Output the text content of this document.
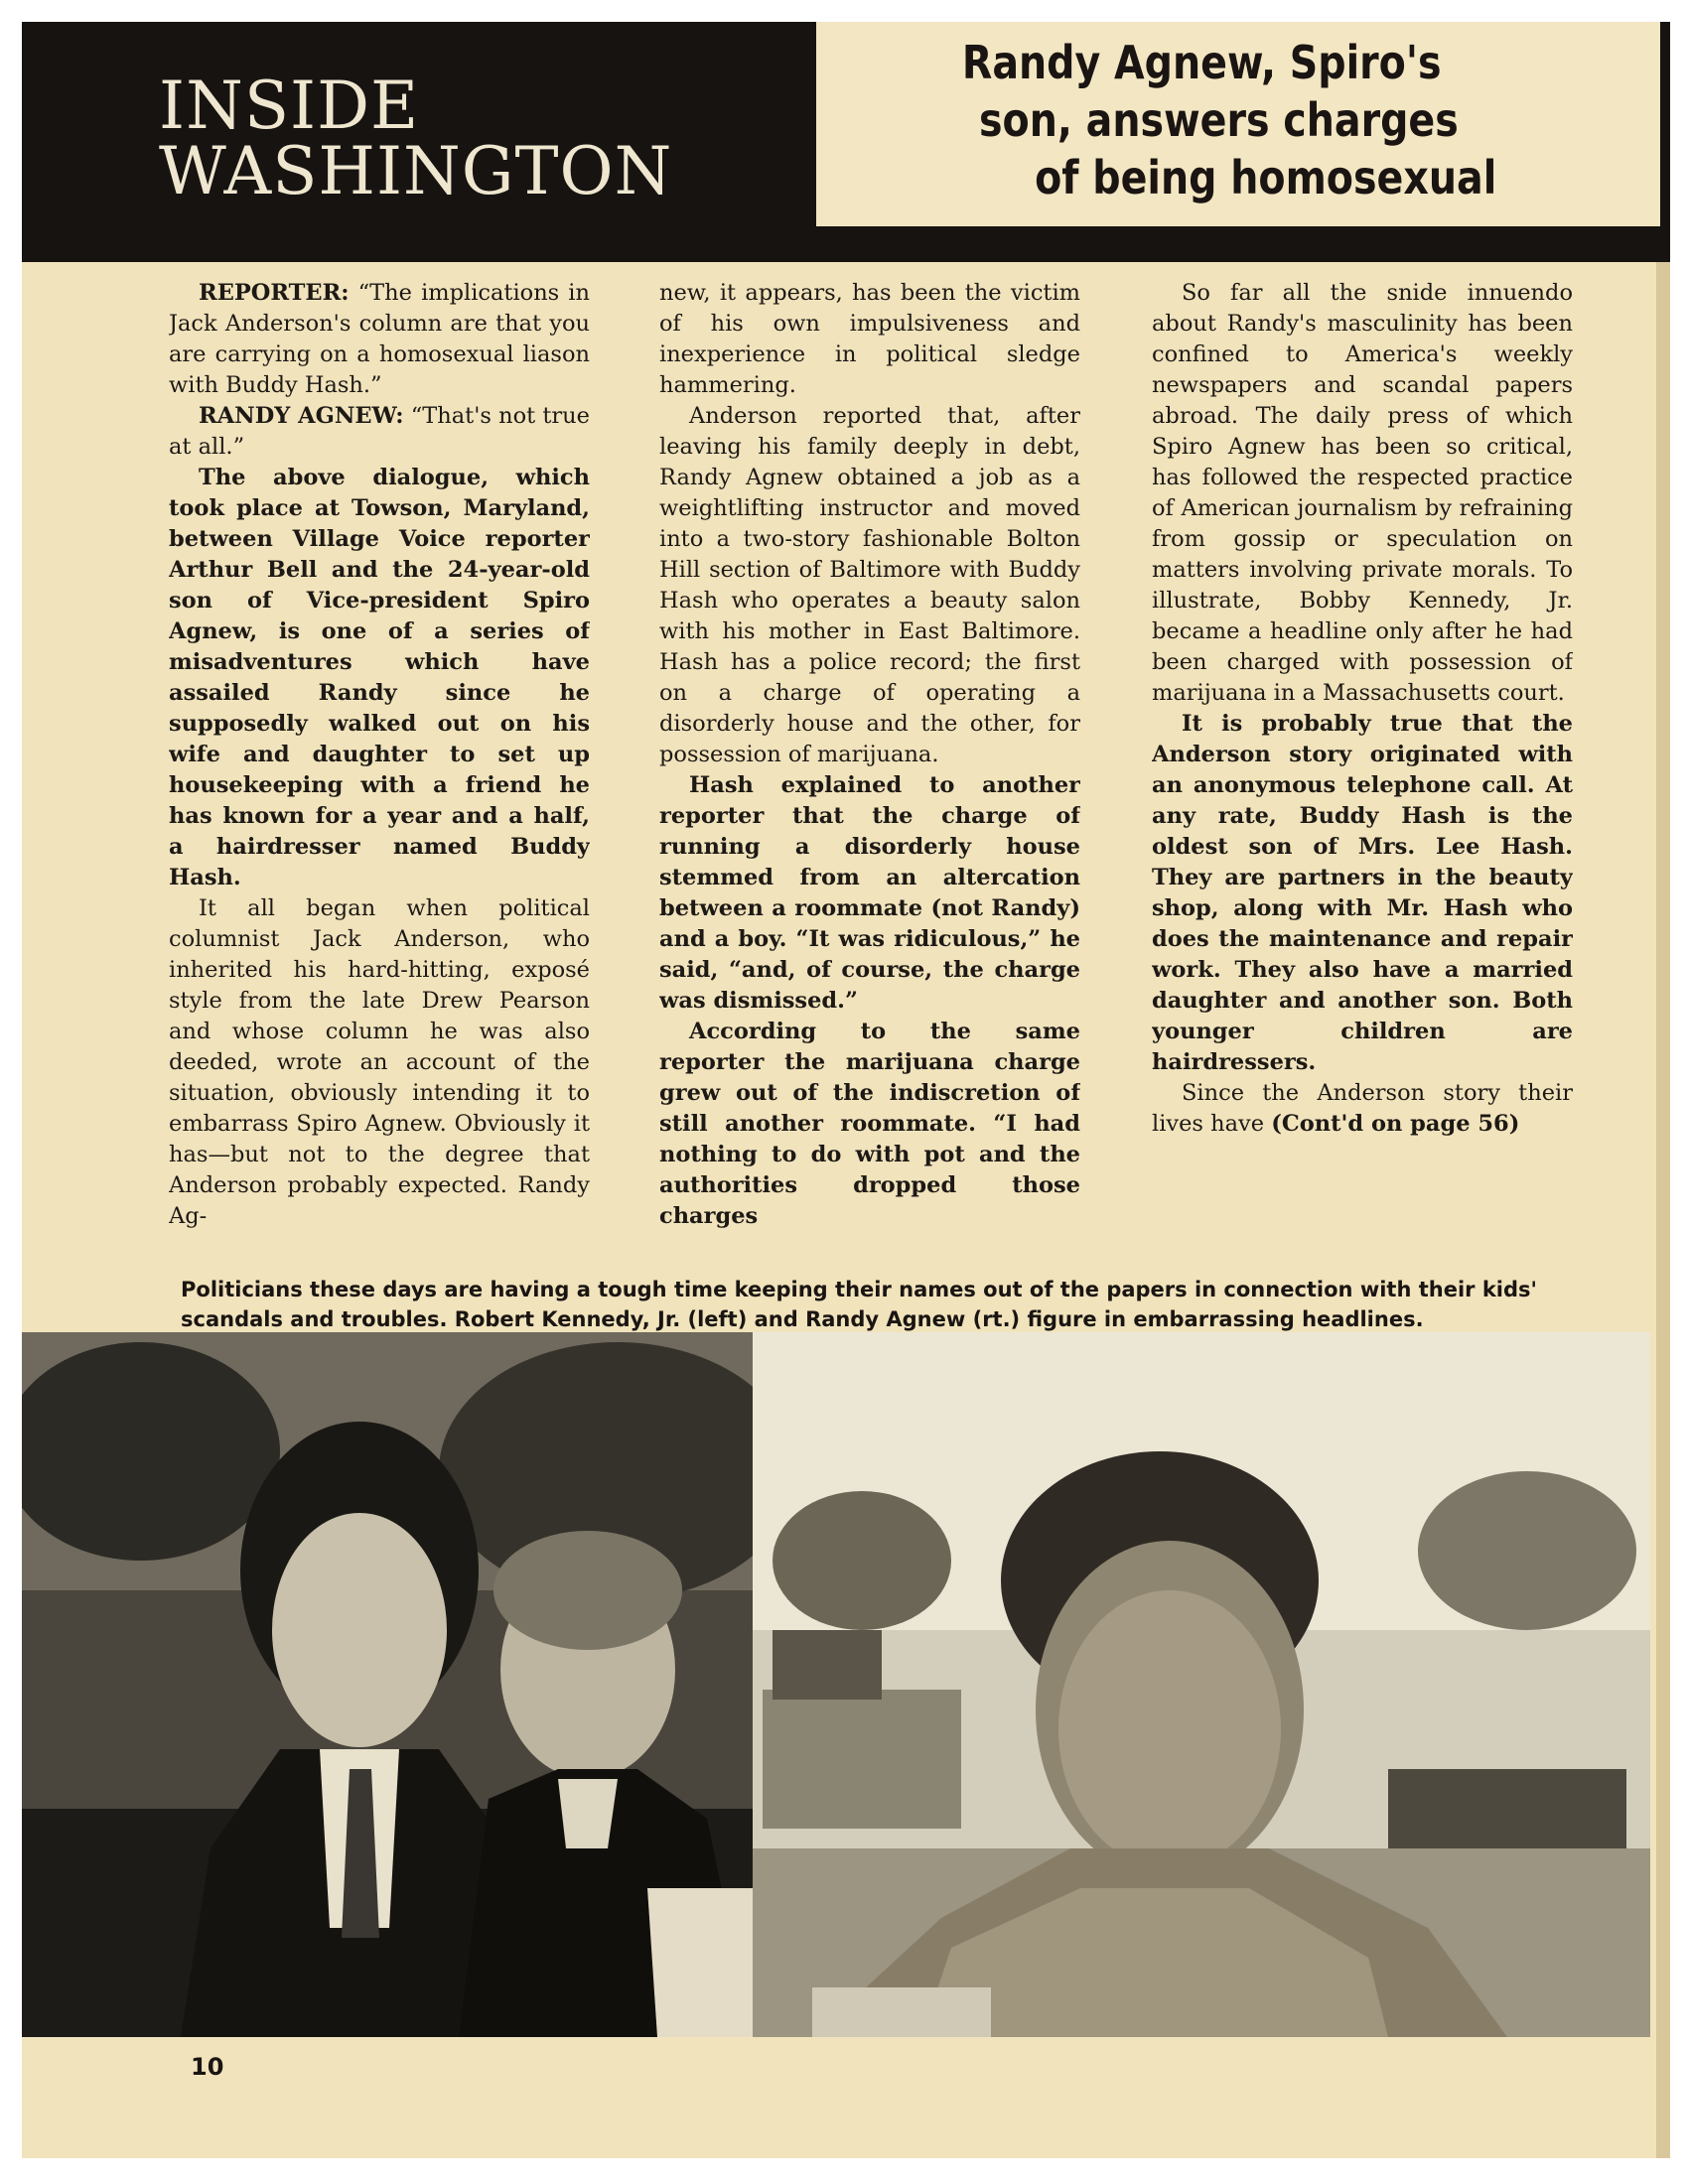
INSIDE
WASHINGTON
Randy Agnew, Spiro's
son, answers charges
of being homosexual

REPORTER: “The implications in Jack Anderson's column are that you are carrying on a homosexual liason with Buddy Hash.”

RANDY AGNEW: “That's not true at all.”

The above dialogue, which took place at Towson, Maryland, between Village Voice reporter Arthur Bell and the 24-year-old son of Vice-president Spiro Agnew, is one of a series of misadventures which have assailed Randy since he supposedly walked out on his wife and daughter to set up housekeeping with a friend he has known for a year and a half, a hairdresser named Buddy Hash.

It all began when political columnist Jack Anderson, who inherited his hard-hitting, exposé style from the late Drew Pearson and whose column he was also deeded, wrote an account of the situation, obviously intending it to embarrass Spiro Agnew. Obviously it has—but not to the degree that Anderson probably expected. Randy Ag-

new, it appears, has been the victim of his own impulsiveness and inexperience in political sledge hammering.

Anderson reported that, after leaving his family deeply in debt, Randy Agnew obtained a job as a weightlifting instructor and moved into a two-story fashionable Bolton Hill section of Baltimore with Buddy Hash who operates a beauty salon with his mother in East Baltimore. Hash has a police record; the first on a charge of operating a disorderly house and the other, for possession of marijuana.

Hash explained to another reporter that the charge of running a disorderly house stemmed from an altercation between a roommate (not Randy) and a boy. “It was ridiculous,” he said, “and, of course, the charge was dismissed.”

According to the same reporter the marijuana charge grew out of the indiscretion of still another roommate. “I had nothing to do with pot and the authorities dropped those charges

So far all the snide innuendo about Randy's masculinity has been confined to America's weekly newspapers and scandal papers abroad. The daily press of which Spiro Agnew has been so critical, has followed the respected practice of American journalism by refraining from gossip or speculation on matters involving private morals. To illustrate, Bobby Kennedy, Jr. became a headline only after he had been charged with possession of marijuana in a Massachusetts court.

It is probably true that the Anderson story originated with an anonymous telephone call. At any rate, Buddy Hash is the oldest son of Mrs. Lee Hash. They are partners in the beauty shop, along with Mr. Hash who does the maintenance and repair work. They also have a married daughter and another son. Both younger children are hairdressers.

Since the Anderson story their lives have (Cont'd on page 56)

Politicians these days are having a tough time keeping their names out of the papers in connection with their kids' scandals and troubles. Robert Kennedy, Jr. (left) and Randy Agnew (rt.) figure in embarrassing headlines.
10
